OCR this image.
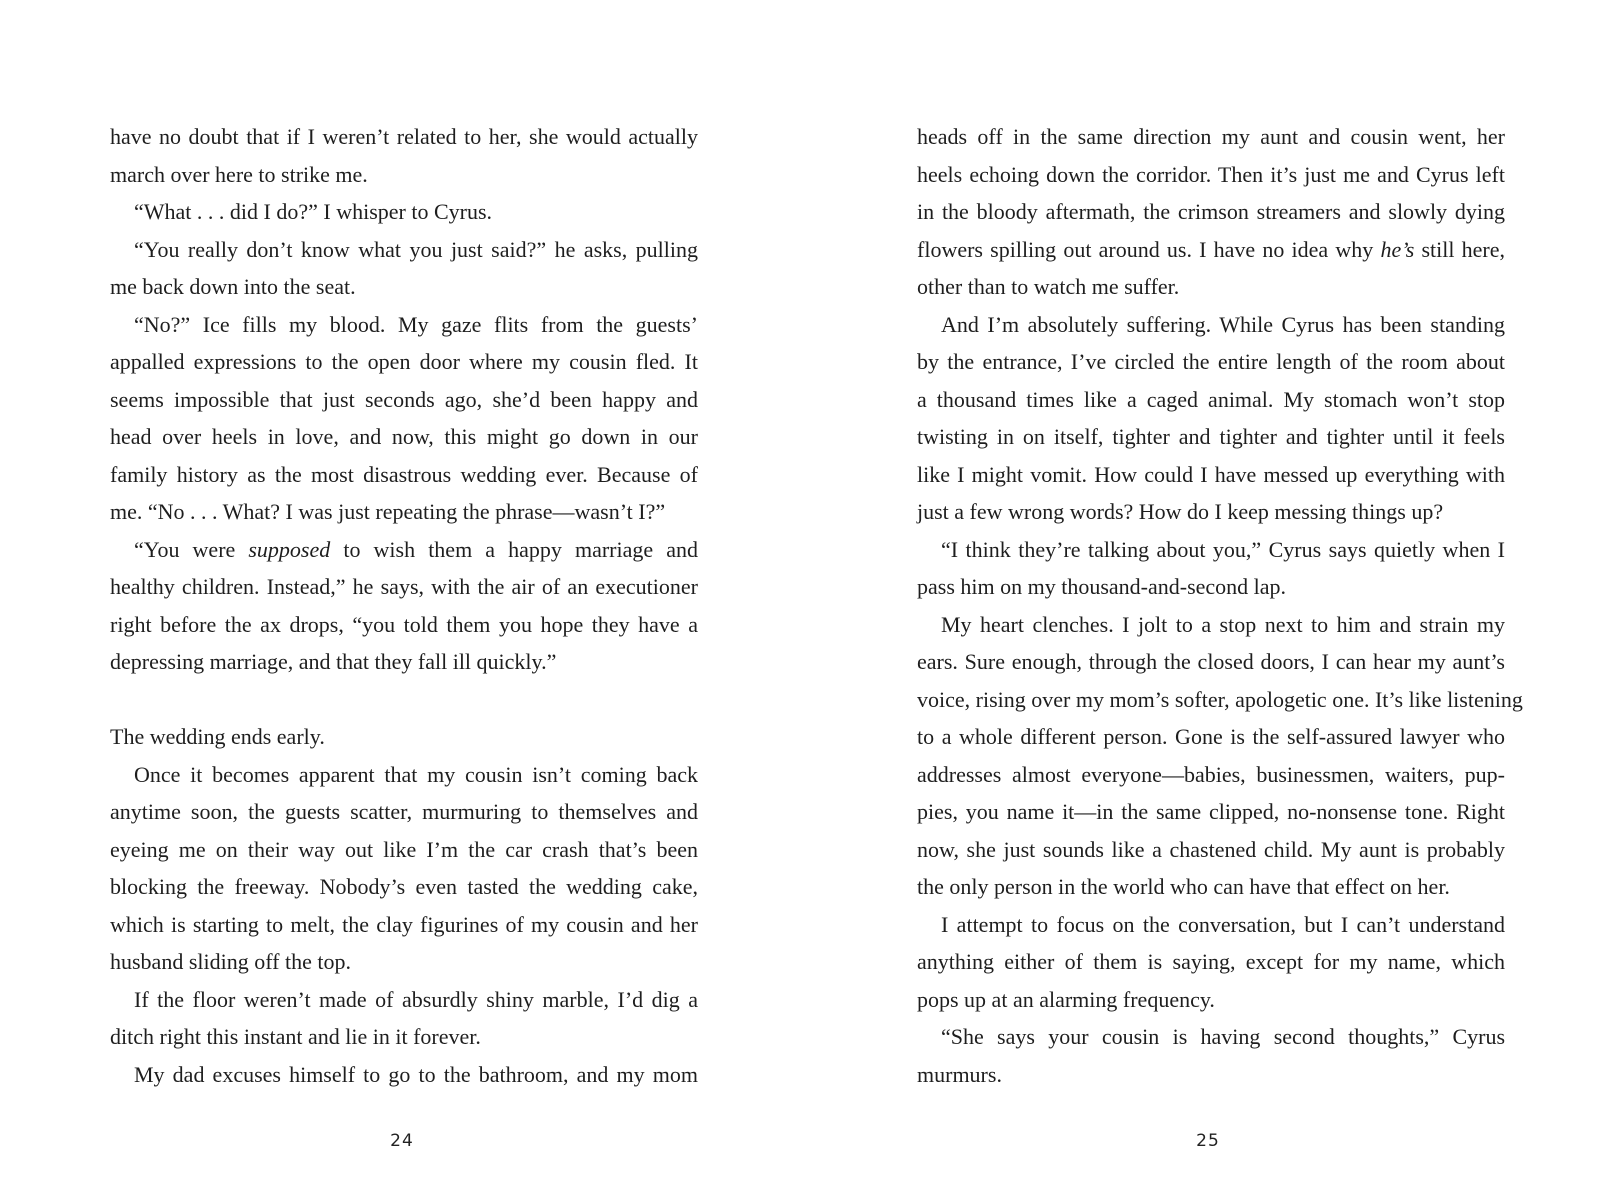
have no doubt that if I weren’t related to her, she would actually
march over here to strike me.
“What . . . did I do?” I whisper to Cyrus.
“You really don’t know what you just said?” he asks, pulling
me back down into the seat.
“No?” Ice fills my blood. My gaze flits from the guests’
appalled expressions to the open door where my cousin fled. It
seems impossible that just seconds ago, she’d been happy and
head over heels in love, and now, this might go down in our
family history as the most disastrous wedding ever. Because of
me. “No . . . What? I was just repeating the phrase—wasn’t I?”
“You were supposed to wish them a happy marriage and
healthy children. Instead,” he says, with the air of an executioner
right before the ax drops, “you told them you hope they have a
depressing marriage, and that they fall ill quickly.”
The wedding ends early.
Once it becomes apparent that my cousin isn’t coming back
anytime soon, the guests scatter, murmuring to themselves and
eyeing me on their way out like I’m the car crash that’s been
blocking the freeway. Nobody’s even tasted the wedding cake,
which is starting to melt, the clay figurines of my cousin and her
husband sliding off the top.
If the floor weren’t made of absurdly shiny marble, I’d dig a
ditch right this instant and lie in it forever.
My dad excuses himself to go to the bathroom, and my mom
heads off in the same direction my aunt and cousin went, her
heels echoing down the corridor. Then it’s just me and Cyrus left
in the bloody aftermath, the crimson streamers and slowly dying
flowers spilling out around us. I have no idea why he’s still here,
other than to watch me suffer.
And I’m absolutely suffering. While Cyrus has been standing
by the entrance, I’ve circled the entire length of the room about
a thousand times like a caged animal. My stomach won’t stop
twisting in on itself, tighter and tighter and tighter until it feels
like I might vomit. How could I have messed up everything with
just a few wrong words? How do I keep messing things up?
“I think they’re talking about you,” Cyrus says quietly when I
pass him on my thousand-and-second lap.
My heart clenches. I jolt to a stop next to him and strain my
ears. Sure enough, through the closed doors, I can hear my aunt’s
voice, rising over my mom’s softer, apologetic one. It’s like listening
to a whole different person. Gone is the self-assured lawyer who
addresses almost everyone—babies, businessmen, waiters, pup-
pies, you name it—in the same clipped, no-nonsense tone. Right
now, she just sounds like a chastened child. My aunt is probably
the only person in the world who can have that effect on her.
I attempt to focus on the conversation, but I can’t understand
anything either of them is saying, except for my name, which
pops up at an alarming frequency.
“She says your cousin is having second thoughts,” Cyrus
murmurs.
24	25
